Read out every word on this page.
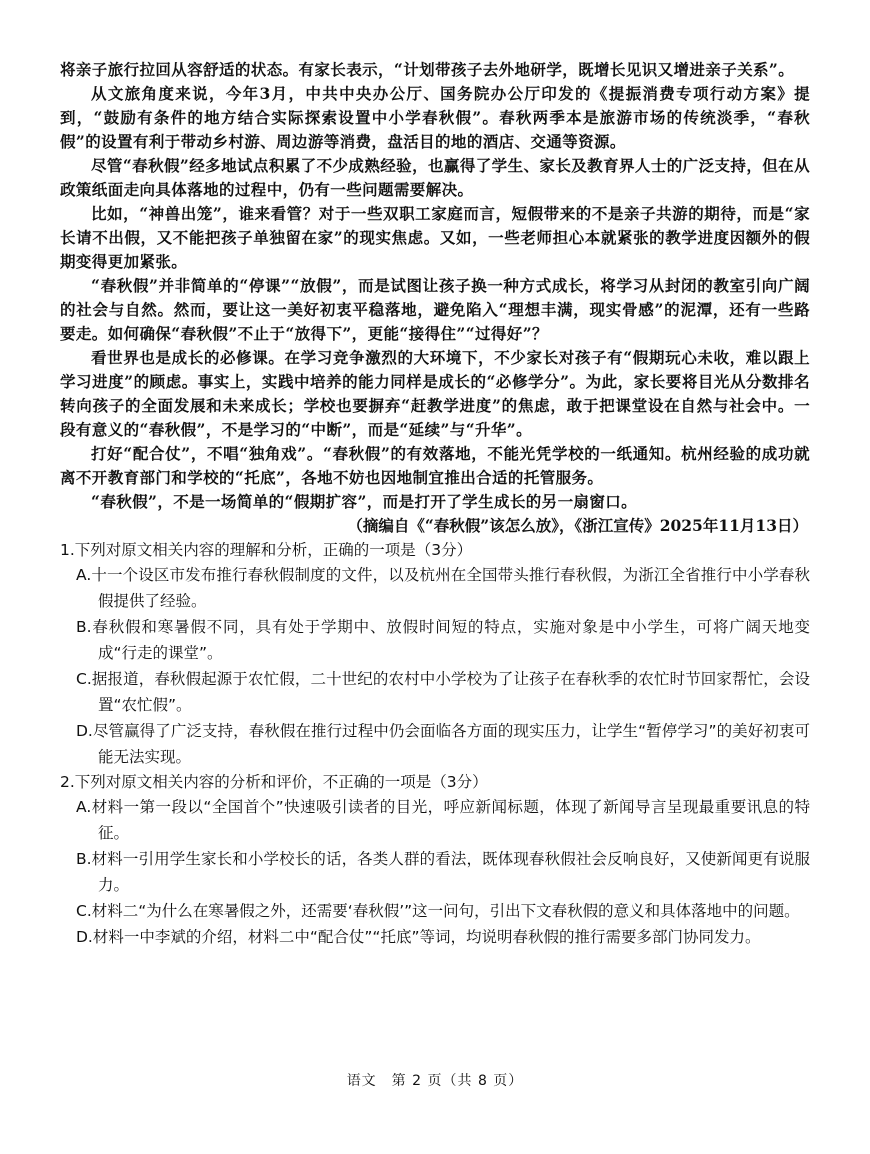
将亲子旅行拉回从容舒适的状态。有家长表示，“计划带孩子去外地研学，既增长见识又增进亲子关系”。

从文旅角度来说，今年3月，中共中央办公厅、国务院办公厅印发的《提振消费专项行动方案》提到，“鼓励有条件的地方结合实际探索设置中小学春秋假”。春秋两季本是旅游市场的传统淡季，“春秋假”的设置有利于带动乡村游、周边游等消费，盘活目的地的酒店、交通等资源。

尽管“春秋假”经多地试点积累了不少成熟经验，也赢得了学生、家长及教育界人士的广泛支持，但在从政策纸面走向具体落地的过程中，仍有一些问题需要解决。

比如，“神兽出笼”，谁来看管？对于一些双职工家庭而言，短假带来的不是亲子共游的期待，而是“家长请不出假，又不能把孩子单独留在家”的现实焦虑。又如，一些老师担心本就紧张的教学进度因额外的假期变得更加紧张。

“春秋假”并非简单的“停课”“放假”，而是试图让孩子换一种方式成长，将学习从封闭的教室引向广阔的社会与自然。然而，要让这一美好初衷平稳落地，避免陷入“理想丰满，现实骨感”的泥潭，还有一些路要走。如何确保“春秋假”不止于“放得下”，更能“接得住”“过得好”？

看世界也是成长的必修课。在学习竞争激烈的大环境下，不少家长对孩子有“假期玩心未收，难以跟上学习进度”的顾虑。事实上，实践中培养的能力同样是成长的“必修学分”。为此，家长要将目光从分数排名转向孩子的全面发展和未来成长；学校也要摒弃“赶教学进度”的焦虑，敢于把课堂设在自然与社会中。一段有意义的“春秋假”，不是学习的“中断”，而是“延续”与“升华”。

打好“配合仗”，不唱“独角戏”。“春秋假”的有效落地，不能光凭学校的一纸通知。杭州经验的成功就离不开教育部门和学校的“托底”，各地不妨也因地制宜推出合适的托管服务。

“春秋假”，不是一场简单的“假期扩容”，而是打开了学生成长的另一扇窗口。

（摘编自《“春秋假”该怎么放》，《浙江宣传》2025年11月13日）

1.下列对原文相关内容的理解和分析，正确的一项是（3分）

A.十一个设区市发布推行春秋假制度的文件，以及杭州在全国带头推行春秋假，为浙江全省推行中小学春秋假提供了经验。

B.春秋假和寒暑假不同，具有处于学期中、放假时间短的特点，实施对象是中小学生，可将广阔天地变成“行走的课堂”。

C.据报道，春秋假起源于农忙假，二十世纪的农村中小学校为了让孩子在春秋季的农忙时节回家帮忙，会设置“农忙假”。

D.尽管赢得了广泛支持，春秋假在推行过程中仍会面临各方面的现实压力，让学生“暂停学习”的美好初衷可能无法实现。

2.下列对原文相关内容的分析和评价，不正确的一项是（3分）

A.材料一第一段以“全国首个”快速吸引读者的目光，呼应新闻标题，体现了新闻导言呈现最重要讯息的特征。

B.材料一引用学生家长和小学校长的话，各类人群的看法，既体现春秋假社会反响良好，又使新闻更有说服力。

C.材料二“为什么在寒暑假之外，还需要‘春秋假’”这一问句，引出下文春秋假的意义和具体落地中的问题。

D.材料一中李斌的介绍，材料二中“配合仗”“托底”等词，均说明春秋假的推行需要多部门协同发力。

语文　第 2 页（共 8 页）
